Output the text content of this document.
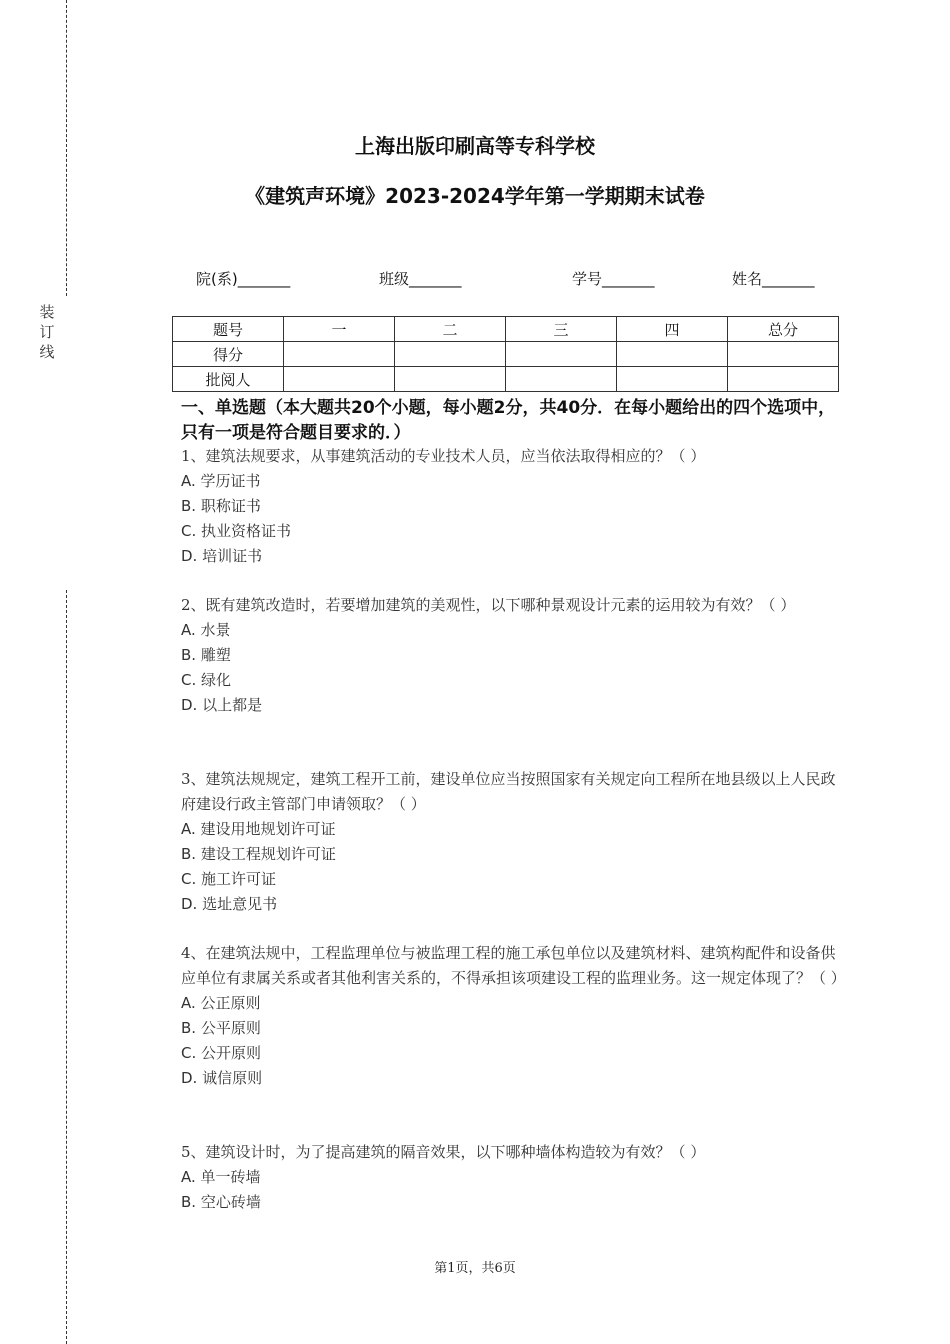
装
订
线
上海出版印刷高等专科学校
《建筑声环境》2023-2024学年第一学期期末试卷
院(系)_______	班级_______	学号_______	姓名_______
题号	一	二	三	四	总分
得分					
批阅人					
一、单选题（本大题共20个小题，每小题2分，共40分．在每小题给出的四个选项中，只有一项是符合题目要求的．）

1、建筑法规要求，从事建筑活动的专业技术人员，应当依法取得相应的？（ ）

A. 学历证书

B. 职称证书

C. 执业资格证书

D. 培训证书

2、既有建筑改造时，若要增加建筑的美观性，以下哪种景观设计元素的运用较为有效？（ ）

A. 水景

B. 雕塑

C. 绿化

D. 以上都是

3、建筑法规规定，建筑工程开工前，建设单位应当按照国家有关规定向工程所在地县级以上人民政府建设行政主管部门申请领取？（ ）

A. 建设用地规划许可证

B. 建设工程规划许可证

C. 施工许可证

D. 选址意见书

4、在建筑法规中，工程监理单位与被监理工程的施工承包单位以及建筑材料、建筑构配件和设备供应单位有隶属关系或者其他利害关系的，不得承担该项建设工程的监理业务。这一规定体现了？（ ）

A. 公正原则

B. 公平原则

C. 公开原则

D. 诚信原则

5、建筑设计时，为了提高建筑的隔音效果，以下哪种墙体构造较为有效？（ ）

A. 单一砖墙

B. 空心砖墙

第1页，共6页
